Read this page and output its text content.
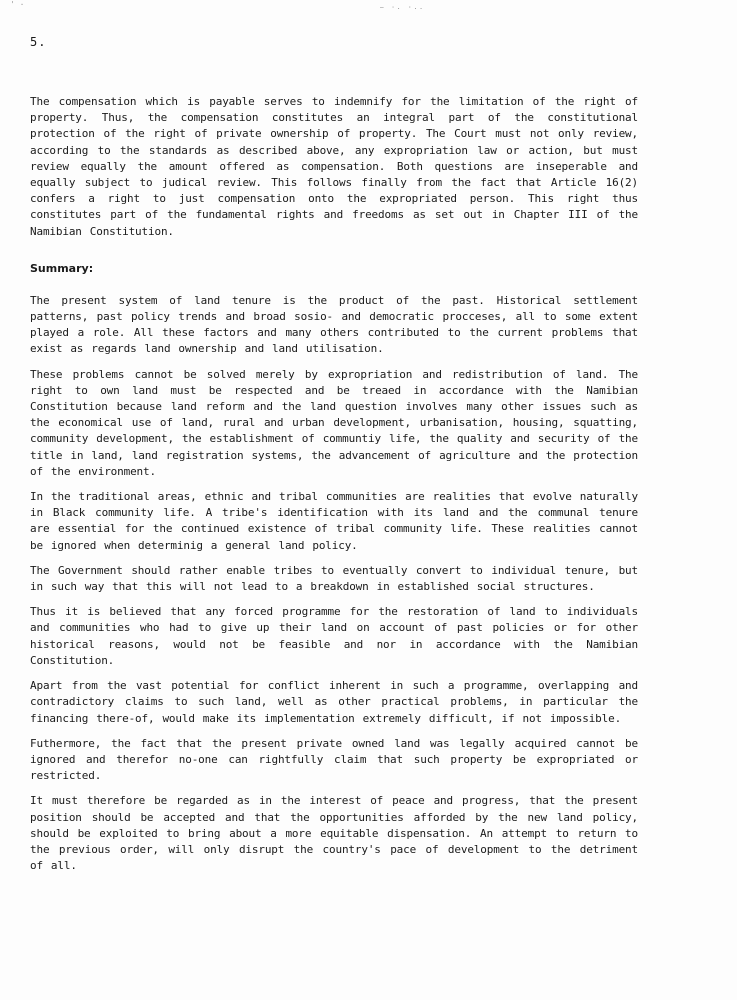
' ·	— ·. ·..
5.

The compensation which is payable serves to indemnify for the limitation of the right of property. Thus, the compensation constitutes an integral part of the constitutional protection of the right of private ownership of property. The Court must not only review, according to the standards as described above, any expropriation law or action, but must review equally the amount offered as compensation. Both questions are inseperable and equally subject to judical review. This follows finally from the fact that Article 16(2) confers a right to just compensation onto the expropriated person. This right thus constitutes part of the fundamental rights and freedoms as set out in Chapter III of the Namibian Constitution.

Summary:

The present system of land tenure is the product of the past. Historical settlement patterns, past policy trends and broad sosio- and democratic procceses, all to some extent played a role. All these factors and many others contributed to the current problems that exist as regards land ownership and land utilisation.

These problems cannot be solved merely by expropriation and redistribution of land. The right to own land must be respected and be treaed in accordance with the Namibian Constitution because land reform and the land question involves many other issues such as the economical use of land, rural and urban development, urbanisation, housing, squatting, community development, the establishment of communtiy life, the quality and security of the title in land, land registration systems, the advancement of agriculture and the protection of the environment.

In the traditional areas, ethnic and tribal communities are realities that evolve naturally in Black community life. A tribe's identification with its land and the communal tenure are essential for the continued existence of tribal community life. These realities cannot be ignored when determinig a general land policy.

The Government should rather enable tribes to eventually convert to individual tenure, but in such way that this will not lead to a breakdown in established social structures.

Thus it is believed that any forced programme for the restoration of land to individuals and communities who had to give up their land on account of past policies or for other historical reasons, would not be feasible and nor in accordance with the Namibian Constitution.

Apart from the vast potential for conflict inherent in such a programme, overlapping and contradictory claims to such land, well as other practical problems, in particular the financing there-of, would make its implementation extremely difficult, if not impossible.

Futhermore, the fact that the present private owned land was legally acquired cannot be ignored and therefor no-one can rightfully claim that such property be expropriated or restricted.

It must therefore be regarded as in the interest of peace and progress, that the present position should be accepted and that the opportunities afforded by the new land policy, should be exploited to bring about a more equitable dispensation. An attempt to return to the previous order, will only disrupt the country's pace of development to the detriment of all.
